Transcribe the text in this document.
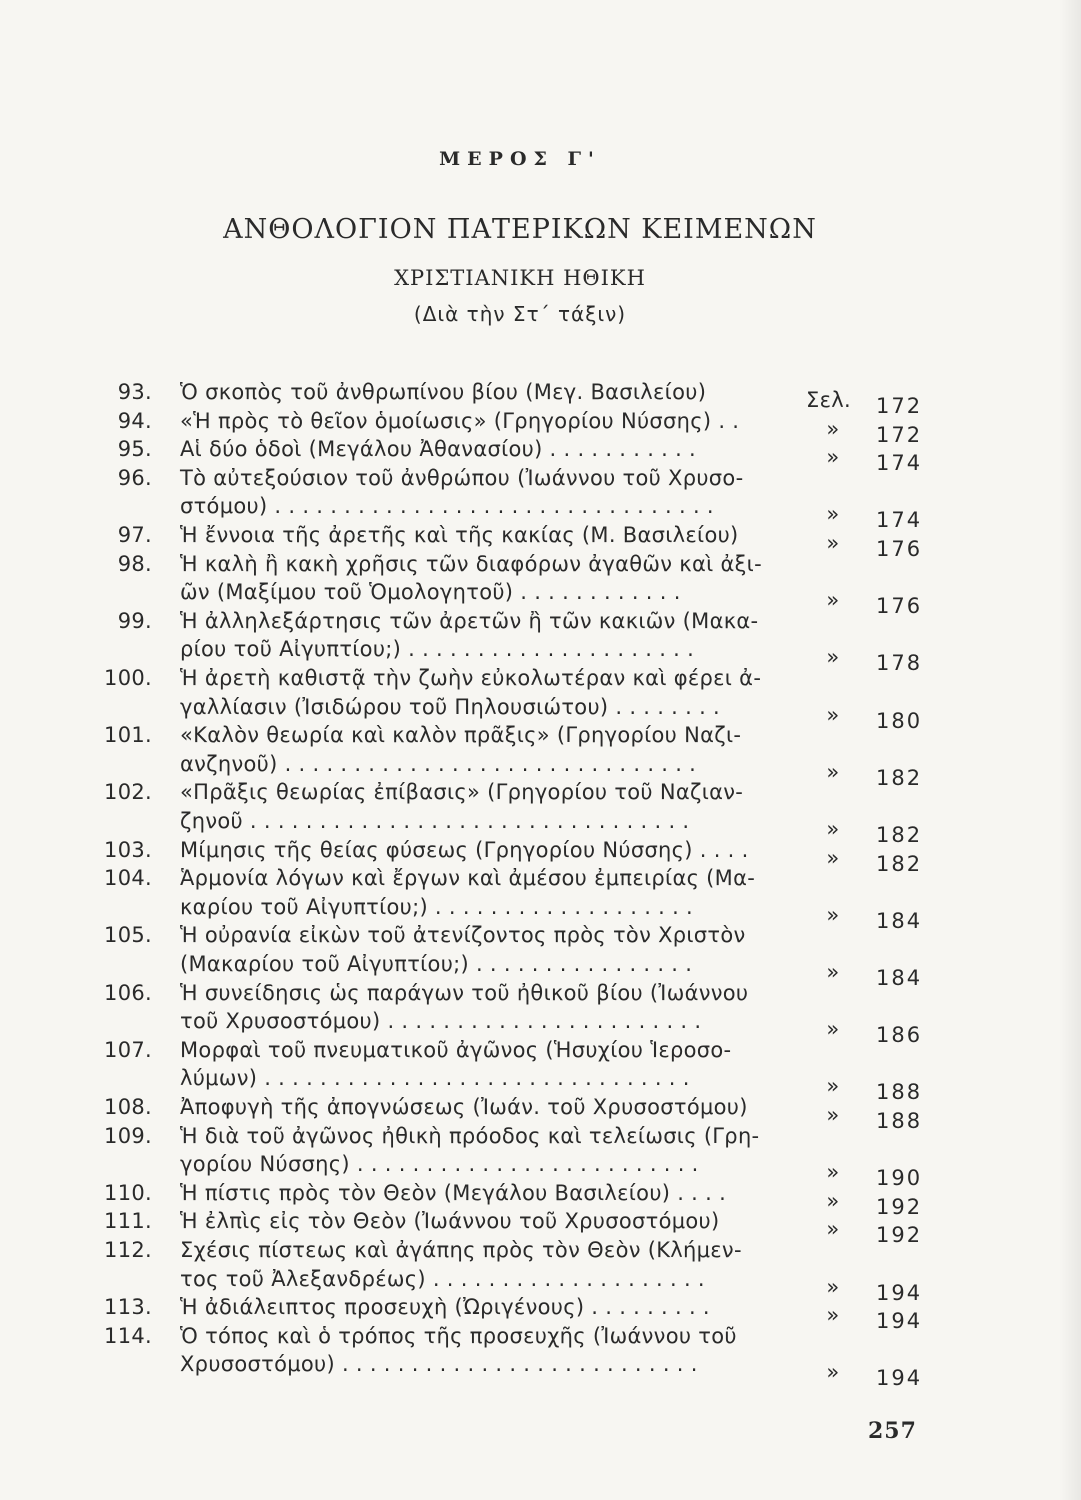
ΜΕΡΟΣ Γ'
ΑΝΘΟΛΟΓΙΟΝ ΠΑΤΕΡΙΚΩΝ ΚΕΙΜΕΝΩΝ
ΧΡΙΣΤΙΑΝΙΚΗ ΗΘΙΚΗ
(Διὰ τὴν Στ΄ τάξιν)
93. Ὁ σκοπὸς τοῦ ἀνθρωπίνου βίου (Μεγ. Βασιλείου)	Σελ. 172
94. «Ἡ πρὸς τὸ θεῖον ὁμοίωσις» (Γρηγορίου Νύσσης) . .	»	172
95. Αἱ δύο ὁδοὶ (Μεγάλου Ἀθανασίου) . . . . . . . . . . .	»	174
96. Τὸ αὐτεξούσιον τοῦ ἀνθρώπου (Ἰωάννου τοῦ Χρυσο-
στόμου) . . . . . . . . . . . . . . . . . . . . . . . . . . . . . . . .	»	174
97. Ἡ ἔννοια τῆς ἀρετῆς καὶ τῆς κακίας (Μ. Βασιλείου)	»	176
98. Ἡ καλὴ ἢ κακὴ χρῆσις τῶν διαφόρων ἀγαθῶν καὶ ἀξι-
ῶν (Μαξίμου τοῦ Ὁμολογητοῦ) . . . . . . . . . . . .	»	176
99. Ἡ ἀλληλεξάρτησις τῶν ἀρετῶν ἢ τῶν κακιῶν (Μακα-
ρίου τοῦ Αἰγυπτίου;) . . . . . . . . . . . . . . . . . . . . .	»	178
100. Ἡ ἀρετὴ καθιστᾷ τὴν ζωὴν εὐκολωτέραν καὶ φέρει ἀ-
γαλλίασιν (Ἰσιδώρου τοῦ Πηλουσιώτου) . . . . . . . .	»	180
101. «Καλὸν θεωρία καὶ καλὸν πρᾶξις» (Γρηγορίου Ναζι-
ανζηνοῦ) . . . . . . . . . . . . . . . . . . . . . . . . . . . . . .	»	182
102. «Πρᾶξις θεωρίας ἐπίβασις» (Γρηγορίου τοῦ Ναζιαν-
ζηνοῦ . . . . . . . . . . . . . . . . . . . . . . . . . . . . . . . .	»	182
103. Μίμησις τῆς θείας φύσεως (Γρηγορίου Νύσσης) . . . .	»	182
104. Ἁρμονία λόγων καὶ ἔργων καὶ ἀμέσου ἐμπειρίας (Μα-
καρίου τοῦ Αἰγυπτίου;) . . . . . . . . . . . . . . . . . . .	»	184
105. Ἡ οὐρανία εἰκὼν τοῦ ἀτενίζοντος πρὸς τὸν Χριστὸν
(Μακαρίου τοῦ Αἰγυπτίου;) . . . . . . . . . . . . . . . .	»	184
106. Ἡ συνείδησις ὡς παράγων τοῦ ἠθικοῦ βίου (Ἰωάννου
τοῦ Χρυσοστόμου) . . . . . . . . . . . . . . . . . . . . . . .	»	186
107. Μορφαὶ τοῦ πνευματικοῦ ἀγῶνος (Ἡσυχίου Ἱεροσο-
λύμων) . . . . . . . . . . . . . . . . . . . . . . . . . . . . . . .	»	188
108. Ἀποφυγὴ τῆς ἀπογνώσεως (Ἰωάν. τοῦ Χρυσοστόμου)	»	188
109. Ἡ διὰ τοῦ ἀγῶνος ἠθικὴ πρόοδος καὶ τελείωσις (Γρη-
γορίου Νύσσης) . . . . . . . . . . . . . . . . . . . . . . . . .	»	190
110. Ἡ πίστις πρὸς τὸν Θεὸν (Μεγάλου Βασιλείου) . . . .	»	192
111. Ἡ ἐλπὶς εἰς τὸν Θεὸν (Ἰωάννου τοῦ Χρυσοστόμου)	»	192
112. Σχέσις πίστεως καὶ ἀγάπης πρὸς τὸν Θεὸν (Κλήμεν-
τος τοῦ Ἀλεξανδρέως) . . . . . . . . . . . . . . . . . . . .	»	194
113. Ἡ ἀδιάλειπτος προσευχὴ (Ὠριγένους) . . . . . . . . .	»	194
114. Ὁ τόπος καὶ ὁ τρόπος τῆς προσευχῆς (Ἰωάννου τοῦ
Χρυσοστόμου) . . . . . . . . . . . . . . . . . . . . . . . . . .	»	194
257
